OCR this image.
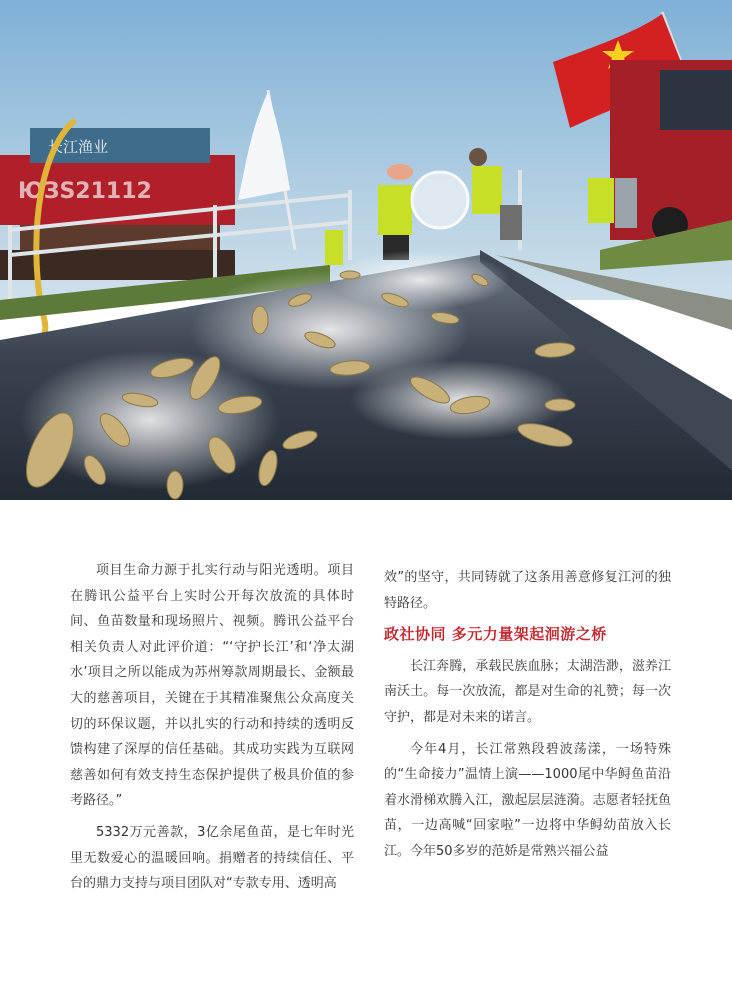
长江渔业
ЮЗS21112

项目生命力源于扎实行动与阳光透明。项目在腾讯公益平台上实时公开每次放流的具体时间、鱼苗数量和现场照片、视频。腾讯公益平台相关负责人对此评价道：“‘守护长江’和‘净太湖水’项目之所以能成为苏州筹款周期最长、金额最大的慈善项目，关键在于其精准聚焦公众高度关切的环保议题，并以扎实的行动和持续的透明反馈构建了深厚的信任基础。其成功实践为互联网慈善如何有效支持生态保护提供了极具价值的参考路径。”

5332万元善款，3亿余尾鱼苗，是七年时光里无数爱心的温暖回响。捐赠者的持续信任、平台的鼎力支持与项目团队对“专款专用、透明高

效”的坚守，共同铸就了这条用善意修复江河的独特路径。

政社协同 多元力量架起洄游之桥

长江奔腾，承载民族血脉；太湖浩渺，滋养江南沃土。每一次放流，都是对生命的礼赞；每一次守护，都是对未来的诺言。

今年4月，长江常熟段碧波荡漾，一场特殊的“生命接力”温情上演——1000尾中华鲟鱼苗沿着水滑梯欢腾入江，激起层层涟漪。志愿者轻抚鱼苗，一边高喊“回家啦”一边将中华鲟幼苗放入长江。今年50多岁的范娇是常熟兴福公益
